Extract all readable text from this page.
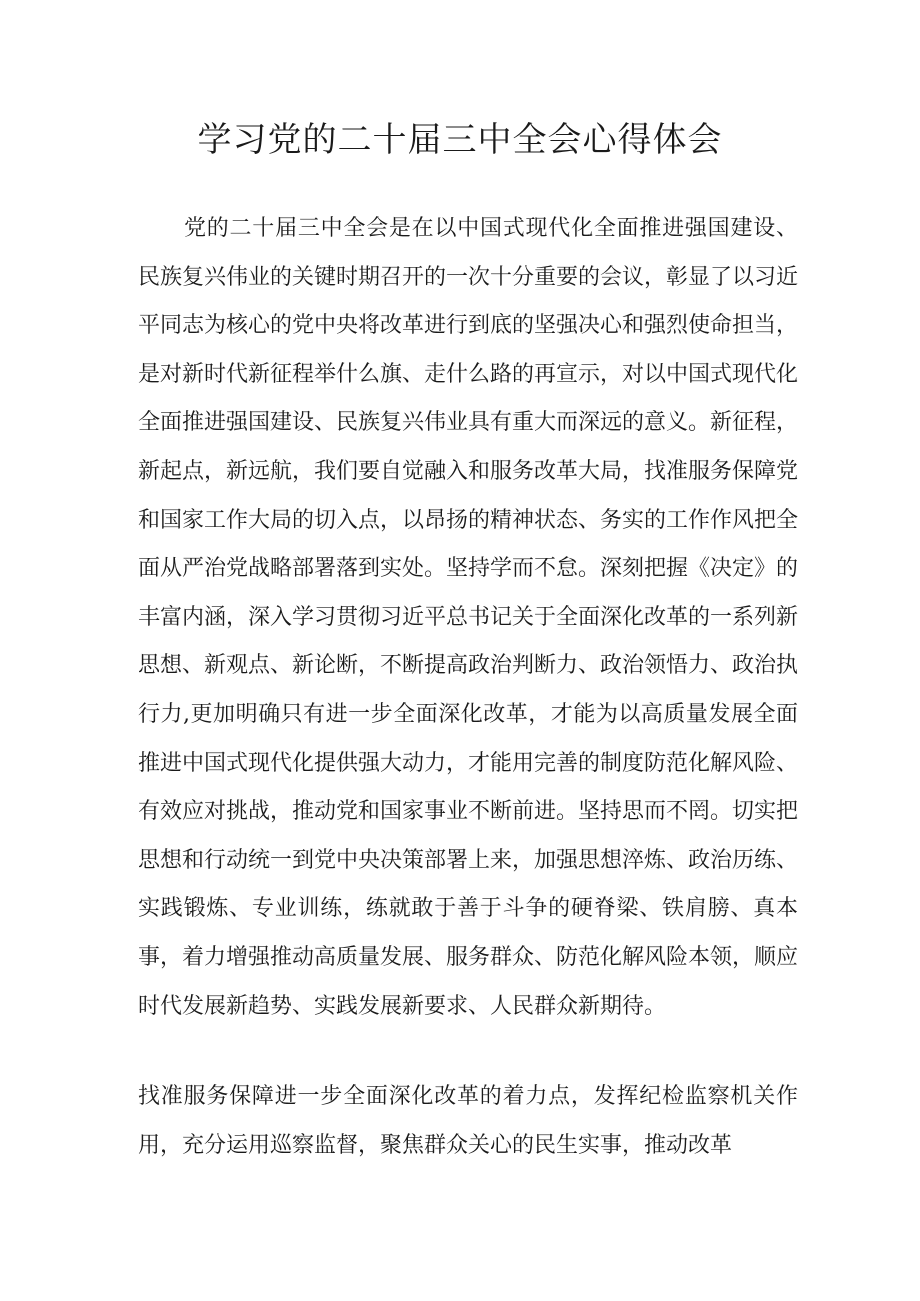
学习党的二十届三中全会心得体会

党的二十届三中全会是在以中国式现代化全面推进强国建设、民族复兴伟业的关键时期召开的一次十分重要的会议，彰显了以习近平同志为核心的党中央将改革进行到底的坚强决心和强烈使命担当，是对新时代新征程举什么旗、走什么路的再宣示，对以中国式现代化全面推进强国建设、民族复兴伟业具有重大而深远的意义。新征程，新起点，新远航，我们要自觉融入和服务改革大局，找准服务保障党和国家工作大局的切入点，以昂扬的精神状态、务实的工作作风把全面从严治党战略部署落到实处。坚持学而不怠。深刻把握《决定》的丰富内涵，深入学习贯彻习近平总书记关于全面深化改革的一系列新思想、新观点、新论断，不断提高政治判断力、政治领悟力、政治执行力,更加明确只有进一步全面深化改革，才能为以高质量发展全面推进中国式现代化提供强大动力，才能用完善的制度防范化解风险、有效应对挑战，推动党和国家事业不断前进。坚持思而不罔。切实把思想和行动统一到党中央决策部署上来，加强思想淬炼、政治历练、实践锻炼、专业训练，练就敢于善于斗争的硬脊梁、铁肩膀、真本事，着力增强推动高质量发展、服务群众、防范化解风险本领，顺应时代发展新趋势、实践发展新要求、人民群众新期待。

找准服务保障进一步全面深化改革的着力点，发挥纪检监察机关作用，充分运用巡察监督，聚焦群众关心的民生实事，推动改革
